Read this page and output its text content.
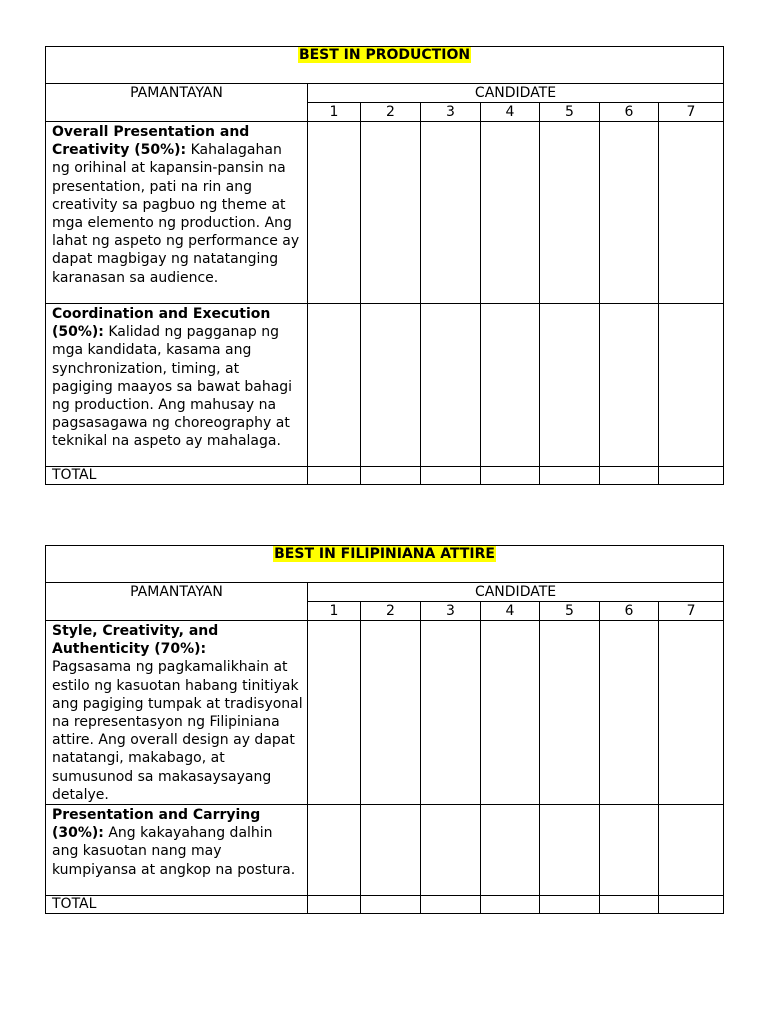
BEST IN PRODUCTION							
PAMANTAYAN	CANDIDATE						
	1	2	3	4	5	6	7
Overall Presentation and Creativity (50%): Kahalagahan ng orihinal at kapansin-pansin na presentation, pati na rin ang creativity sa pagbuo ng theme at mga elemento ng production. Ang lahat ng aspeto ng performance ay dapat magbigay ng natatanging karanasan sa audience.							
Coordination and Execution (50%): Kalidad ng pagganap ng mga kandidata, kasama ang synchronization, timing, at pagiging maayos sa bawat bahagi ng production. Ang mahusay na pagsasagawa ng choreography at teknikal na aspeto ay mahalaga.							
TOTAL							
BEST IN FILIPINIANA ATTIRE							
PAMANTAYAN	CANDIDATE						
	1	2	3	4	5	6	7
Style, Creativity, and Authenticity (70%):
Pagsasama ng pagkamalikhain at estilo ng kasuotan habang tinitiyak ang pagiging tumpak at tradisyonal na representasyon ng Filipiniana attire. Ang overall design ay dapat natatangi, makabago, at sumusunod sa makasaysayang detalye.							
Presentation and Carrying (30%): Ang kakayahang dalhin ang kasuotan nang may kumpiyansa at angkop na postura.							
TOTAL							
